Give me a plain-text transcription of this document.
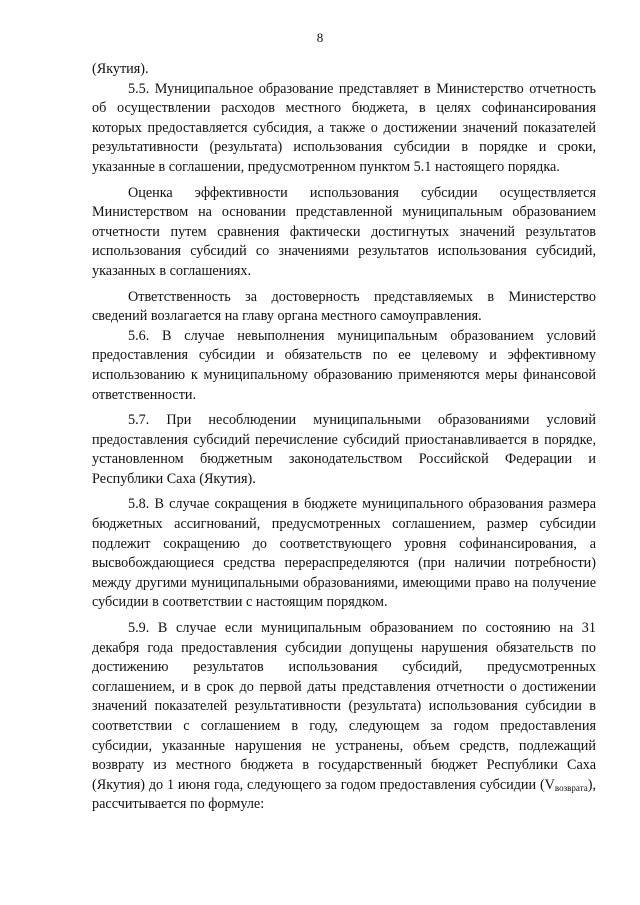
8

(Якутия).

5.5. Муниципальное образование представляет в Министерство отчетность об осуществлении расходов местного бюджета, в целях софинансирования которых предоставляется субсидия, а также о достижении значений показателей результативности (результата) использования субсидии в порядке и сроки, указанные в соглашении, предусмотренном пунктом 5.1 настоящего порядка.

Оценка эффективности использования субсидии осуществляется Министерством на основании представленной муниципальным образованием отчетности путем сравнения фактически достигнутых значений результатов использования субсидий со значениями результатов использования субсидий, указанных в соглашениях.

Ответственность за достоверность представляемых в Министерство сведений возлагается на главу органа местного самоуправления.

5.6. В случае невыполнения муниципальным образованием условий предоставления субсидии и обязательств по ее целевому и эффективному использованию к муниципальному образованию применяются меры финансовой ответственности.

5.7. При несоблюдении муниципальными образованиями условий предоставления субсидий перечисление субсидий приостанавливается в порядке, установленном бюджетным законодательством Российской Федерации и Республики Саха (Якутия).

5.8. В случае сокращения в бюджете муниципального образования размера бюджетных ассигнований, предусмотренных соглашением, размер субсидии подлежит сокращению до соответствующего уровня софинансирования, а высвобождающиеся средства перераспределяются (при наличии потребности) между другими муниципальными образованиями, имеющими право на получение субсидии в соответствии с настоящим порядком.

5.9. В случае если муниципальным образованием по состоянию на 31 декабря года предоставления субсидии допущены нарушения обязательств по достижению результатов использования субсидий, предусмотренных соглашением, и в срок до первой даты представления отчетности о достижении значений показателей результативности (результата) использования субсидии в соответствии с соглашением в году, следующем за годом предоставления субсидии, указанные нарушения не устранены, объем средств, подлежащий возврату из местного бюджета в государственный бюджет Республики Саха (Якутия) до 1 июня года, следующего за годом предоставления субсидии $(V_{возврата})$, рассчитывается по формуле:
